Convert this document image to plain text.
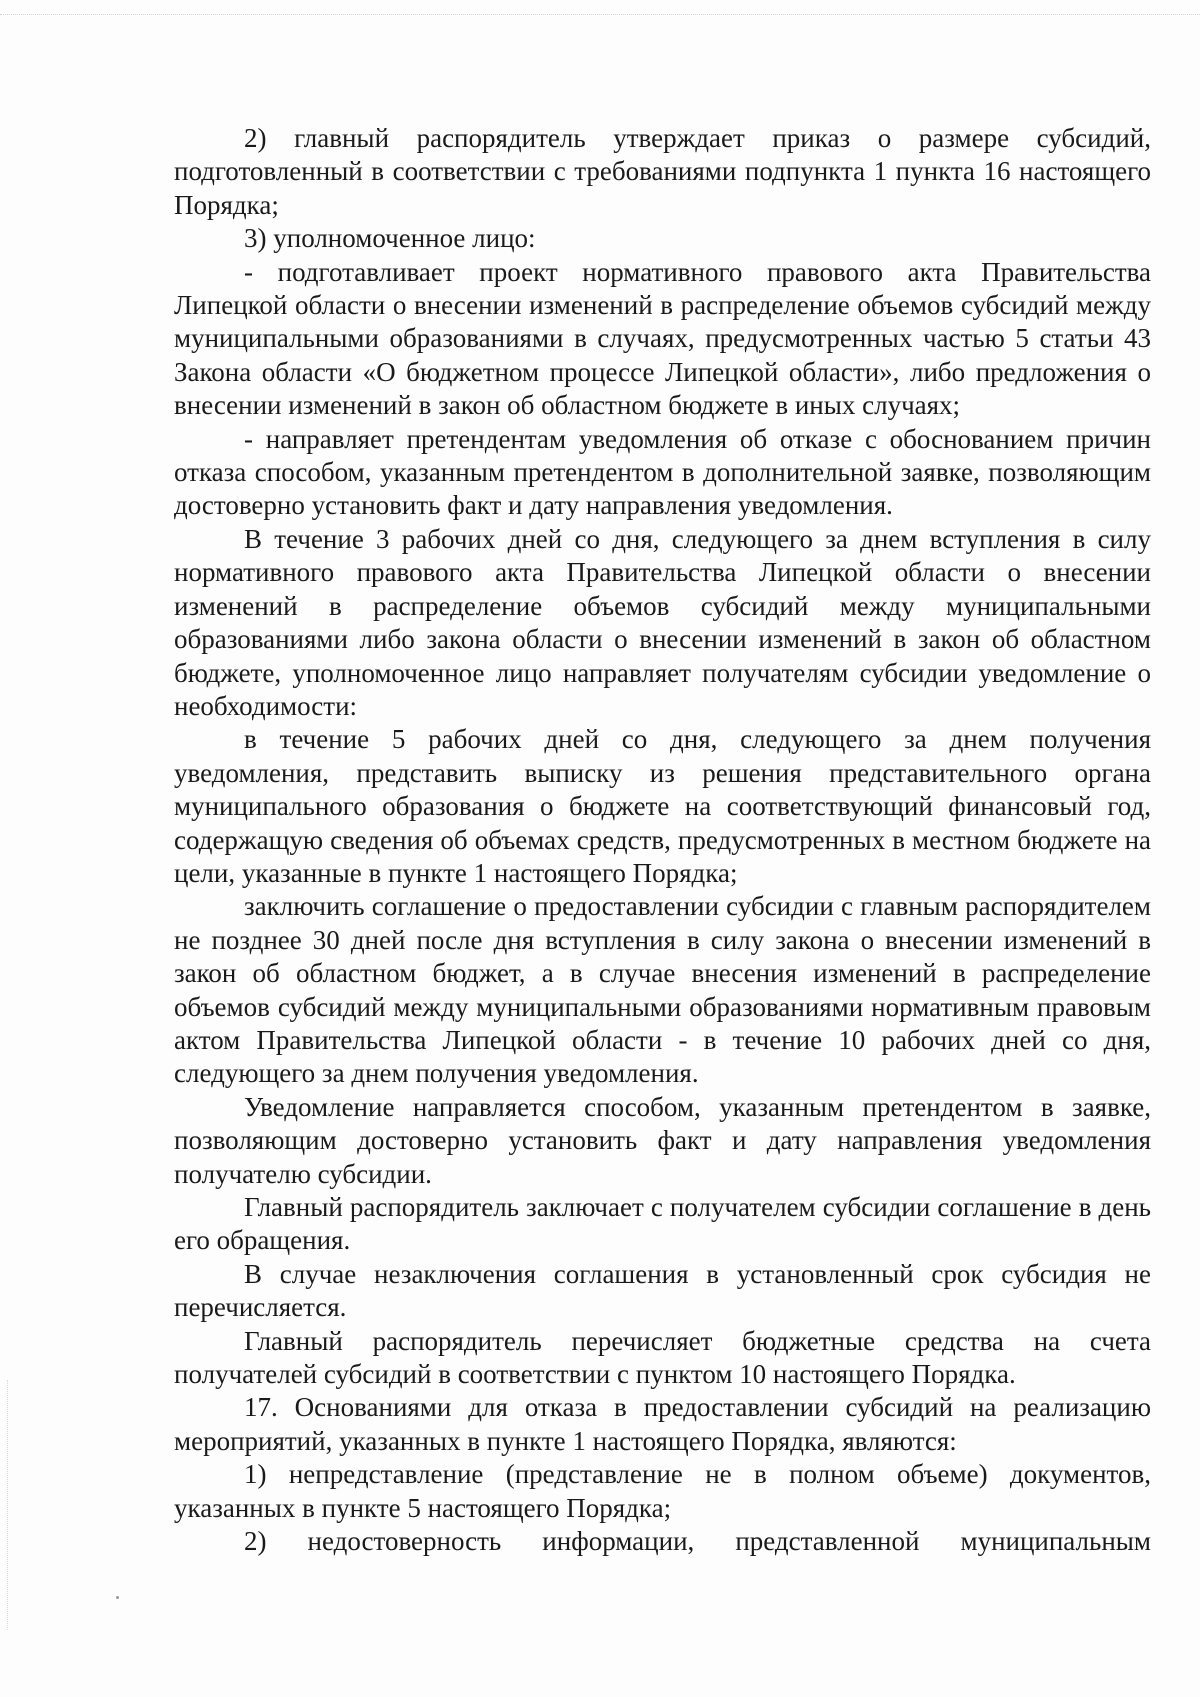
2) главный распорядитель утверждает приказ о размере субсидий, подготовленный в соответствии с требованиями подпункта 1 пункта 16 настоящего Порядка;

3) уполномоченное лицо:

- подготавливает проект нормативного правового акта Правительства Липецкой области о внесении изменений в распределение объемов субсидий между муниципальными образованиями в случаях, предусмотренных частью 5 статьи 43 Закона области «О бюджетном процессе Липецкой области», либо предложения о внесении изменений в закон об областном бюджете в иных случаях;

- направляет претендентам уведомления об отказе с обоснованием причин отказа способом, указанным претендентом в дополнительной заявке, позволяющим достоверно установить факт и дату направления уведомления.

В течение 3 рабочих дней со дня, следующего за днем вступления в силу нормативного правового акта Правительства Липецкой области о внесении изменений в распределение объемов субсидий между муниципальными образованиями либо закона области о внесении изменений в закон об областном бюджете, уполномоченное лицо направляет получателям субсидии уведомление о необходимости:

в течение 5 рабочих дней со дня, следующего за днем получения уведомления, представить выписку из решения представительного органа муниципального образования о бюджете на соответствующий финансовый год, содержащую сведения об объемах средств, предусмотренных в местном бюджете на цели, указанные в пункте 1 настоящего Порядка;

заключить соглашение о предоставлении субсидии с главным распорядителем не позднее 30 дней после дня вступления в силу закона о внесении изменений в закон об областном бюджет, а в случае внесения изменений в распределение объемов субсидий между муниципальными образованиями нормативным правовым актом Правительства Липецкой области - в течение 10 рабочих дней со дня, следующего за днем получения уведомления.

Уведомление направляется способом, указанным претендентом в заявке, позволяющим достоверно установить факт и дату направления уведомления получателю субсидии.

Главный распорядитель заключает с получателем субсидии соглашение в день его обращения.

В случае незаключения соглашения в установленный срок субсидия не перечисляется.

Главный распорядитель перечисляет бюджетные средства на счета получателей субсидий в соответствии с пунктом 10 настоящего Порядка.

17. Основаниями для отказа в предоставлении субсидий на реализацию мероприятий, указанных в пункте 1 настоящего Порядка, являются:

1) непредставление (представление не в полном объеме) документов, указанных в пункте 5 настоящего Порядка;

2) недостоверность информации, представленной муниципальным
